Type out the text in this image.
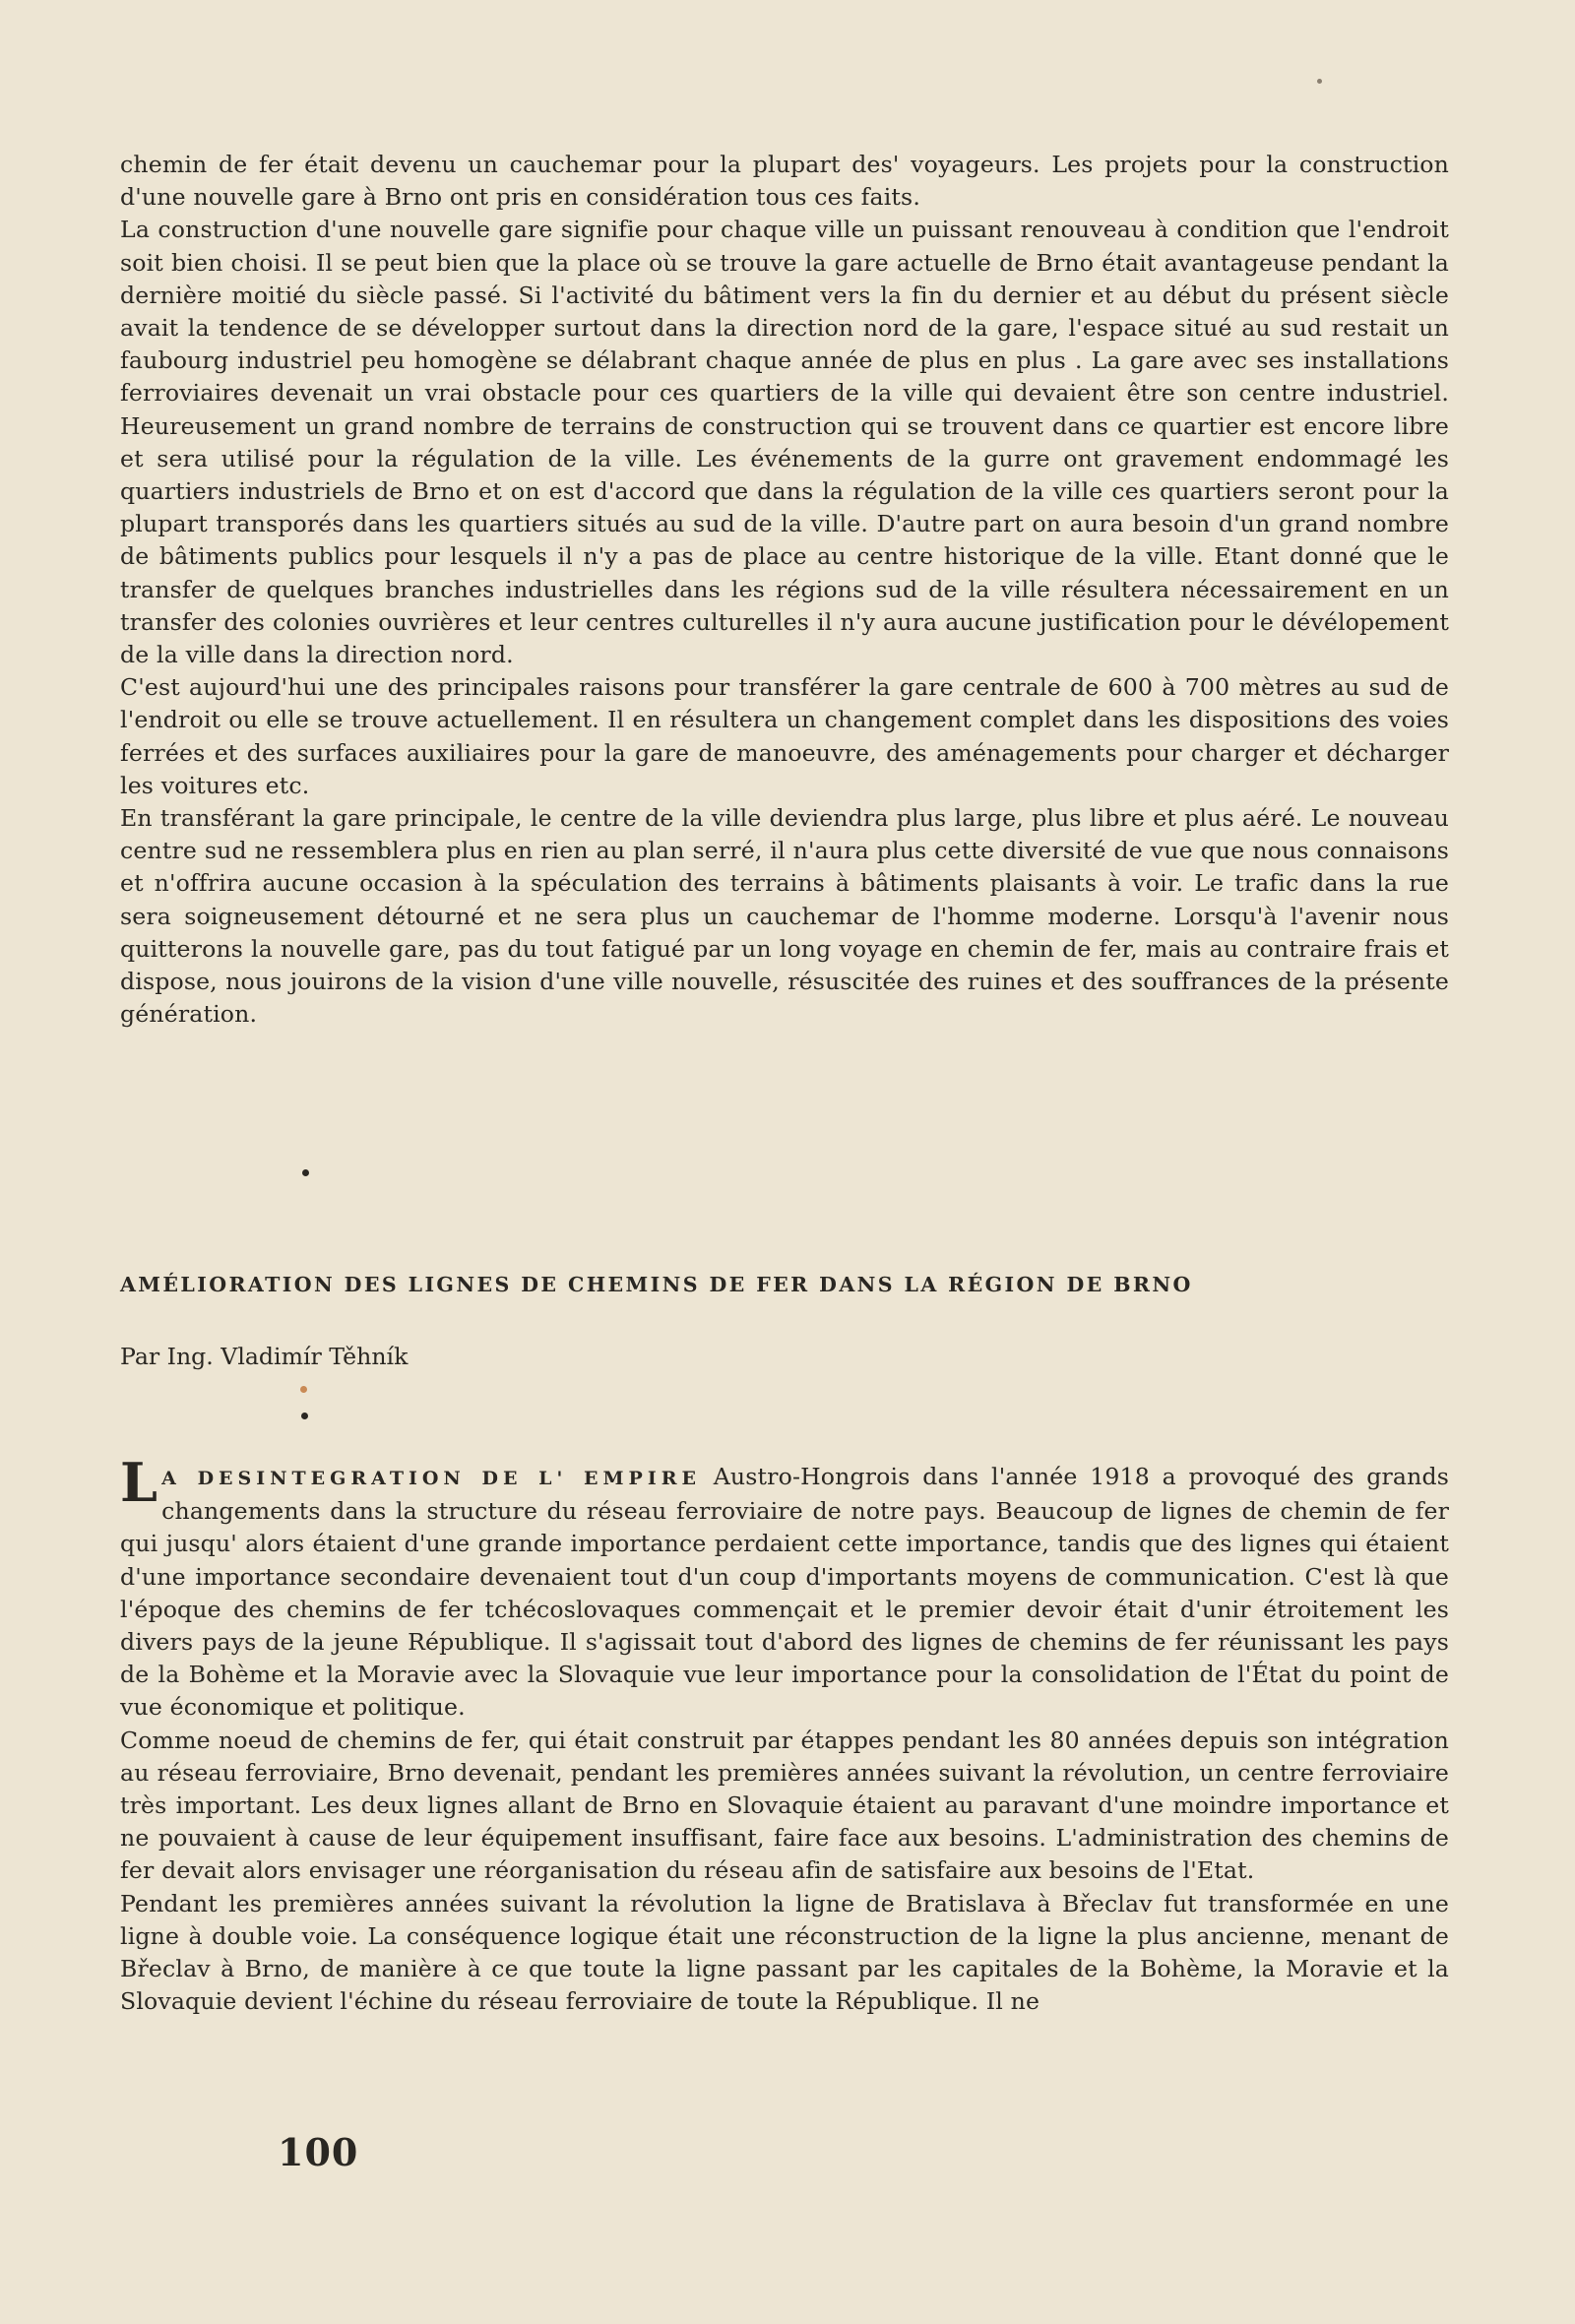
chemin de fer était devenu un cauchemar pour la plupart des' voyageurs. Les projets pour la construction d'une nouvelle gare à Brno ont pris en considération tous ces faits.

La construction d'une nouvelle gare signifie pour chaque ville un puissant renouveau à condition que l'endroit soit bien choisi. Il se peut bien que la place où se trouve la gare actuelle de Brno était avantageuse pendant la dernière moitié du siècle passé. Si l'activité du bâtiment vers la fin du dernier et au début du présent siècle avait la tendence de se développer surtout dans la direction nord de la gare, l'espace situé au sud restait un faubourg industriel peu homogène se délabrant chaque année de plus en plus . La gare avec ses installations ferroviaires devenait un vrai obstacle pour ces quartiers de la ville qui devaient être son centre industriel. Heureusement un grand nombre de terrains de construction qui se trouvent dans ce quartier est encore libre et sera utilisé pour la régulation de la ville. Les événements de la gurre ont gravement endommagé les quartiers industriels de Brno et on est d'accord que dans la régulation de la ville ces quartiers seront pour la plupart transporés dans les quartiers situés au sud de la ville. D'autre part on aura besoin d'un grand nombre de bâtiments publics pour lesquels il n'y a pas de place au centre historique de la ville. Etant donné que le transfer de quelques branches industrielles dans les régions sud de la ville résultera nécessairement en un transfer des colonies ouvrières et leur centres culturelles il n'y aura aucune justification pour le dévélopement de la ville dans la direction nord.

C'est aujourd'hui une des principales raisons pour transférer la gare centrale de 600 à 700 mètres au sud de l'endroit ou elle se trouve actuellement. Il en résultera un changement complet dans les dispositions des voies ferrées et des surfaces auxiliaires pour la gare de manoeuvre, des aménagements pour charger et décharger les voitures etc.

En transférant la gare principale, le centre de la ville deviendra plus large, plus libre et plus aéré. Le nouveau centre sud ne ressemblera plus en rien au plan serré, il n'aura plus cette diversité de vue que nous connaisons et n'offrira aucune occasion à la spéculation des terrains à bâtiments plaisants à voir. Le trafic dans la rue sera soigneusement détourné et ne sera plus un cauchemar de l'homme moderne. Lorsqu'à l'avenir nous quitterons la nouvelle gare, pas du tout fatigué par un long voyage en chemin de fer, mais au contraire frais et dispose, nous jouirons de la vision d'une ville nouvelle, résuscitée des ruines et des souffrances de la présente génération.

AMÉLIORATION DES LIGNES DE CHEMINS DE FER DANS LA RÉGION DE BRNO
Par Ing. Vladimír Těhník

LA DESINTEGRATION DE L' EMPIRE Austro-Hongrois dans l'année 1918 a provoqué des grands changements dans la structure du réseau ferroviaire de notre pays. Beaucoup de lignes de chemin de fer qui jusqu' alors étaient d'une grande importance perdaient cette importance, tandis que des lignes qui étaient d'une importance secondaire devenaient tout d'un coup d'importants moyens de communication. C'est là que l'époque des chemins de fer tchécoslovaques commençait et le premier devoir était d'unir étroitement les divers pays de la jeune République. Il s'agissait tout d'abord des lignes de chemins de fer réunissant les pays de la Bohème et la Moravie avec la Slovaquie vue leur importance pour la consolidation de l'État du point de vue économique et politique.

Comme noeud de chemins de fer, qui était construit par étappes pendant les 80 années depuis son intégration au réseau ferroviaire, Brno devenait, pendant les premières années suivant la révolution, un centre ferroviaire très important. Les deux lignes allant de Brno en Slovaquie étaient au paravant d'une moindre importance et ne pouvaient à cause de leur équipement insuffisant, faire face aux besoins. L'administration des chemins de fer devait alors envisager une réorganisation du réseau afin de satisfaire aux besoins de l'Etat.

Pendant les premières années suivant la révolution la ligne de Bratislava à Břeclav fut transformée en une ligne à double voie. La conséquence logique était une réconstruction de la ligne la plus ancienne, menant de Břeclav à Brno, de manière à ce que toute la ligne passant par les capitales de la Bohème, la Moravie et la Slovaquie devient l'échine du réseau ferroviaire de toute la République. Il ne

100
